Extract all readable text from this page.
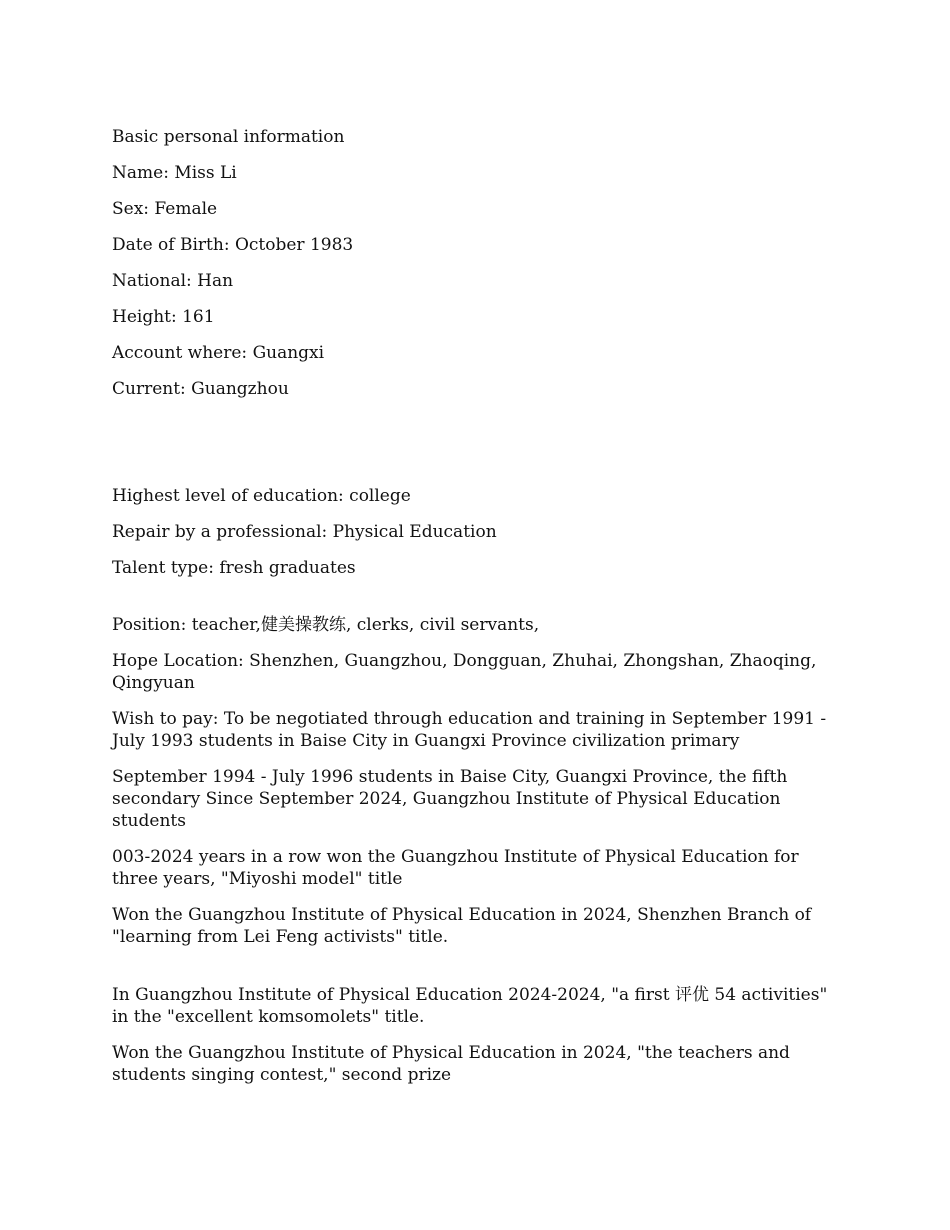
Basic personal information
Name: Miss Li
Sex: Female
Date of Birth: October 1983
National: Han
Height: 161
Account where: Guangxi
Current: Guangzhou
Highest level of education: college
Repair by a professional: Physical Education
Talent type: fresh graduates
Position: teacher,健美操教练, clerks, civil servants,
Hope Location: Shenzhen, Guangzhou, Dongguan, Zhuhai, Zhongshan, Zhaoqing, Qingyuan
Wish to pay: To be negotiated through education and training in September 1991 - July 1993 students in Baise City in Guangxi Province civilization primary
September 1994 - July 1996 students in Baise City, Guangxi Province, the fifth secondary Since September 2024, Guangzhou Institute of Physical Education students
003-2024 years in a row won the Guangzhou Institute of Physical Education for three years, "Miyoshi model" title
Won the Guangzhou Institute of Physical Education in 2024, Shenzhen Branch of "learning from Lei Feng activists" title.
In Guangzhou Institute of Physical Education 2024-2024, "a first 评优 54 activities" in the "excellent komsomolets" title.
Won the Guangzhou Institute of Physical Education in 2024, "the teachers and students singing contest," second prize
